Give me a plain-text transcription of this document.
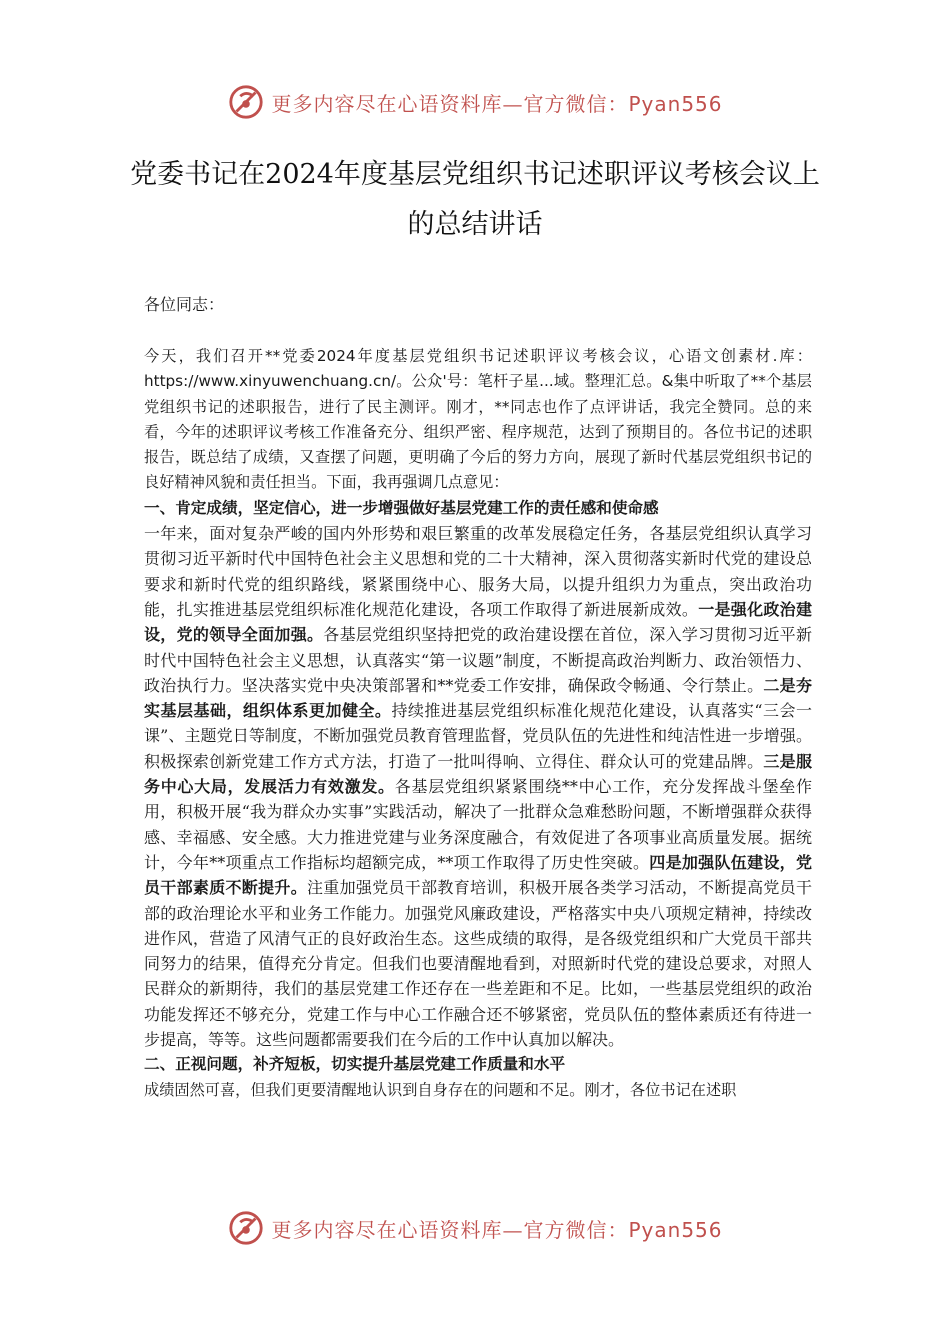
更多内容尽在心语资料库—官方微信：Pyan556
党委书记在2024年度基层党组织书记述职评议考核会议上的总结讲话
各位同志：

今天，我们召开**党委2024年度基层党组织书记述职评议考核会议，心语文创素材.库：https://www.xinyuwenchuang.cn/。公众'号：笔杆子星...域。整理汇总。&集中听取了**个基层党组织书记的述职报告，进行了民主测评。刚才，**同志也作了点评讲话，我完全赞同。总的来看，今年的述职评议考核工作准备充分、组织严密、程序规范，达到了预期目的。各位书记的述职报告，既总结了成绩，又查摆了问题，更明确了今后的努力方向，展现了新时代基层党组织书记的良好精神风貌和责任担当。下面，我再强调几点意见：

一、肯定成绩，坚定信心，进一步增强做好基层党建工作的责任感和使命感

一年来，面对复杂严峻的国内外形势和艰巨繁重的改革发展稳定任务，各基层党组织认真学习贯彻习近平新时代中国特色社会主义思想和党的二十大精神，深入贯彻落实新时代党的建设总要求和新时代党的组织路线，紧紧围绕中心、服务大局，以提升组织力为重点，突出政治功能，扎实推进基层党组织标准化规范化建设，各项工作取得了新进展新成效。一是强化政治建设，党的领导全面加强。各基层党组织坚持把党的政治建设摆在首位，深入学习贯彻习近平新时代中国特色社会主义思想，认真落实“第一议题”制度，不断提高政治判断力、政治领悟力、政治执行力。坚决落实党中央决策部署和**党委工作安排，确保政令畅通、令行禁止。二是夯实基层基础，组织体系更加健全。持续推进基层党组织标准化规范化建设，认真落实“三会一课”、主题党日等制度，不断加强党员教育管理监督，党员队伍的先进性和纯洁性进一步增强。积极探索创新党建工作方式方法，打造了一批叫得响、立得住、群众认可的党建品牌。三是服务中心大局，发展活力有效激发。各基层党组织紧紧围绕**中心工作，充分发挥战斗堡垒作用，积极开展“我为群众办实事”实践活动，解决了一批群众急难愁盼问题，不断增强群众获得感、幸福感、安全感。大力推进党建与业务深度融合，有效促进了各项事业高质量发展。据统计，今年**项重点工作指标均超额完成，**项工作取得了历史性突破。四是加强队伍建设，党员干部素质不断提升。注重加强党员干部教育培训，积极开展各类学习活动，不断提高党员干部的政治理论水平和业务工作能力。加强党风廉政建设，严格落实中央八项规定精神，持续改进作风，营造了风清气正的良好政治生态。这些成绩的取得，是各级党组织和广大党员干部共同努力的结果，值得充分肯定。但我们也要清醒地看到，对照新时代党的建设总要求，对照人民群众的新期待，我们的基层党建工作还存在一些差距和不足。比如，一些基层党组织的政治功能发挥还不够充分，党建工作与中心工作融合还不够紧密，党员队伍的整体素质还有待进一步提高，等等。这些问题都需要我们在今后的工作中认真加以解决。

二、正视问题，补齐短板，切实提升基层党建工作质量和水平

成绩固然可喜，但我们更要清醒地认识到自身存在的问题和不足。刚才，各位书记在述职

更多内容尽在心语资料库—官方微信：Pyan556
